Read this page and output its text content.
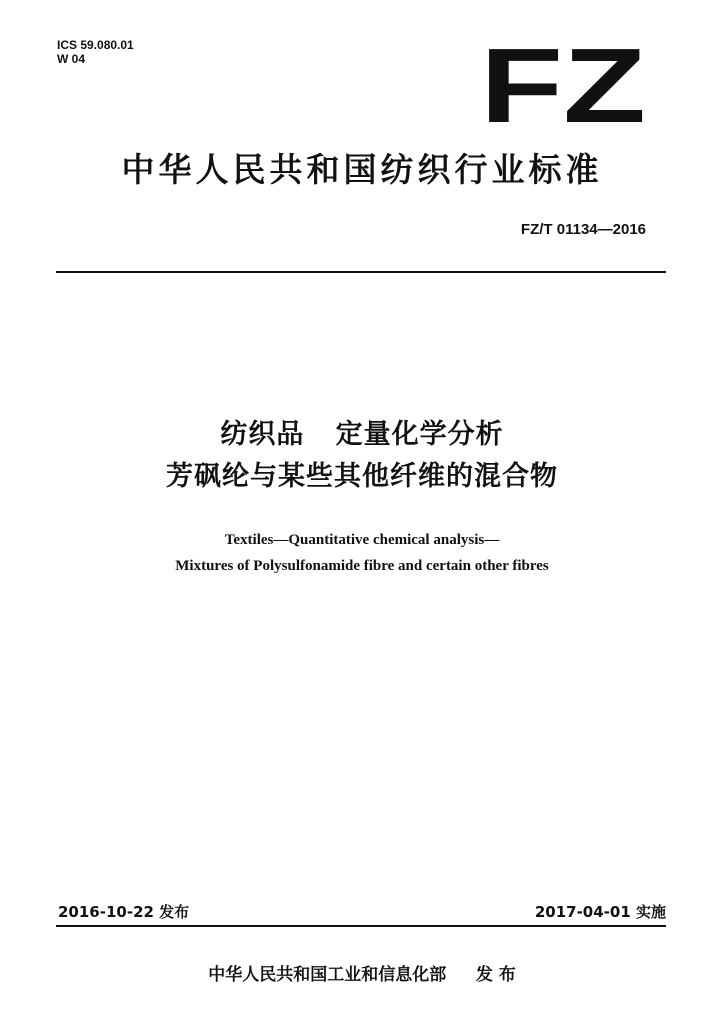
ICS 59.080.01
W 04	FZ
中华人民共和国纺织行业标准
FZ/T 01134—2016
纺织品   定量化学分析
芳砜纶与某些其他纤维的混合物
Textiles—Quantitative chemical analysis—
Mixtures of Polysulfonamide fibre and certain other fibres
2016-10-22 发布	2017-04-01 实施
中华人民共和国工业和信息化部     发 布
